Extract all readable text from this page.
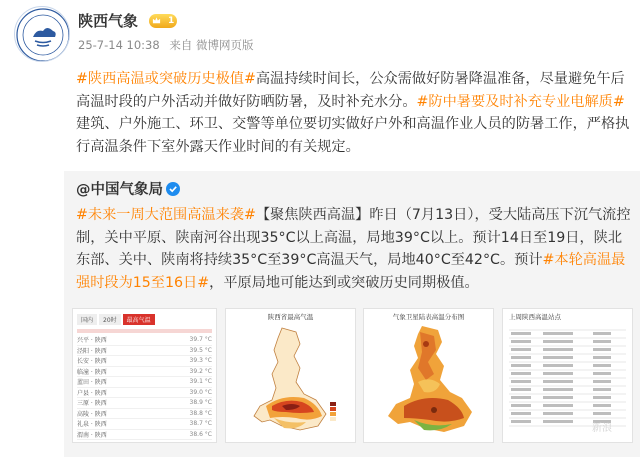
陕西气象	1
25-7-14 10:38 来自 微博网页版
#陕西高温或突破历史极值#高温持续时间长，公众需做好防暑降温准备，尽量避免午后高温时段的户外活动并做好防晒防暑，及时补充水分。#防中暑要及时补充专业电解质#建筑、户外施工、环卫、交警等单位要切实做好户外和高温作业人员的防暑工作，严格执行高温条件下室外露天作业时间的有关规定。
@中国气象局
#未来一周大范围高温来袭#【聚焦陕西高温】昨日（7月13日），受大陆高压下沉气流控制，关中平原、陕南河谷出现35°C以上高温，局地39°C以上。预计14日至19日，陕北东部、关中、陕南将持续35°C至39°C高温天气，局地40°C至42°C。预计#本轮高温最强时段为15至16日#，平原局地可能达到或突破历史同期极值。
国内	20时	最高气温
兴平 · 陕西	39.7 °C
泾阳 · 陕西	39.5 °C
长安 · 陕西	39.3 °C
临潼 · 陕西	39.2 °C
蓝田 · 陕西	39.1 °C
户县 · 陕西	39.0 °C
三原 · 陕西	38.9 °C
高陵 · 陕西	38.8 °C
礼泉 · 陕西	38.7 °C
渭南 · 陕西	38.6 °C
陕西省最高气温	气象卫星陆表高温分布图	上周陕西高温站点
新浪
